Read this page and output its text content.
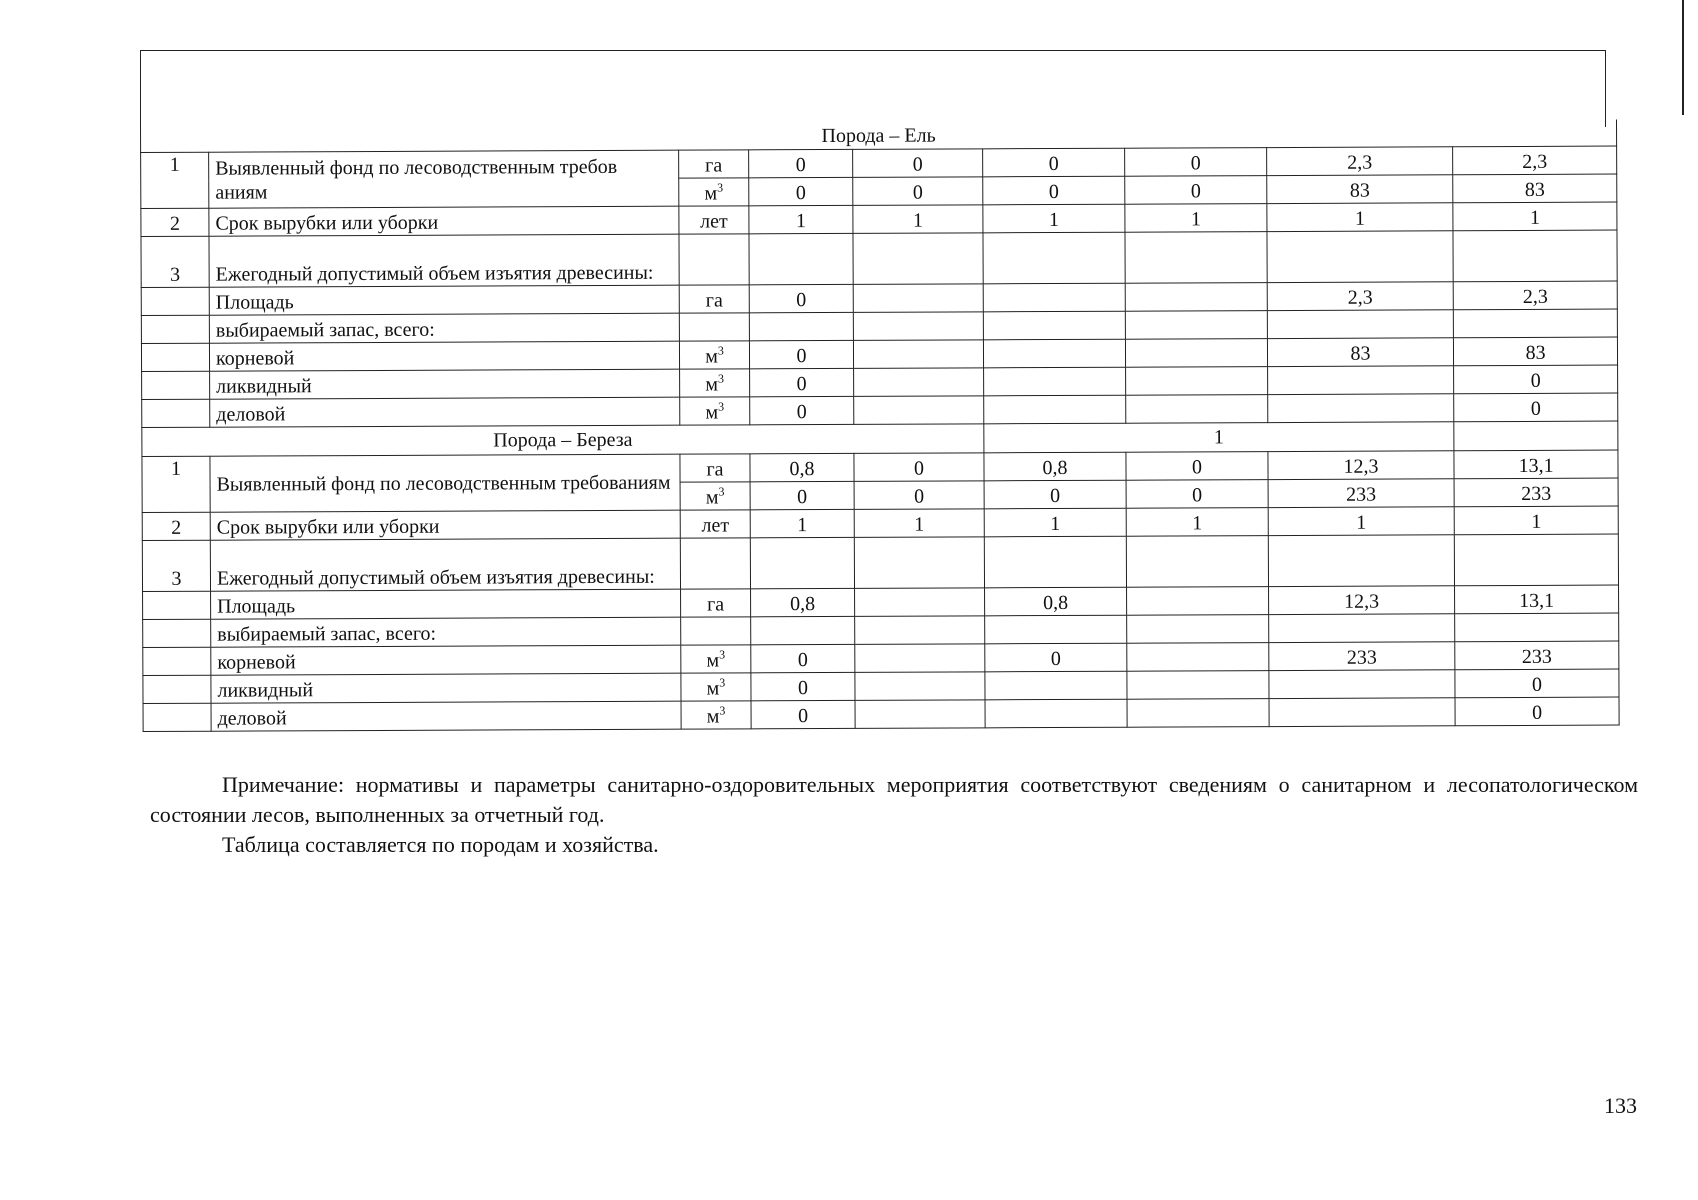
Порода – Ель								
1	Выявленный фонд по лесоводственным требов аниям	га	0	0	0	0	2,3	2,3
		$м^3$	0	0	0	0	83	83
2	Срок вырубки или уборки	лет	1	1	1	1	1	1
3	Ежегодный допустимый объем изъятия древесины:							
	Площадь	га	0				2,3	2,3
	выбираемый запас, всего:							
	корневой	$м^3$	0				83	83
	ликвидный	$м^3$	0					0
	деловой	$м^3$	0					0
Порода – Береза					1			
1	Выявленный фонд по лесоводственным требованиям	га	0,8	0	0,8	0	12,3	13,1
		$м^3$	0	0	0	0	233	233
2	Срок вырубки или уборки	лет	1	1	1	1	1	1
3	Ежегодный допустимый объем изъятия древесины:							
	Площадь	га	0,8		0,8		12,3	13,1
	выбираемый запас, всего:							
	корневой	$м^3$	0		0		233	233
	ликвидный	$м^3$	0					0
	деловой	$м^3$	0					0

Примечание: нормативы и параметры санитарно-оздоровительных мероприятия соответствуют сведениям о санитарном и лесопатологическом состоянии лесов, выполненных за отчетный год.

Таблица составляется по породам и хозяйства.

133
